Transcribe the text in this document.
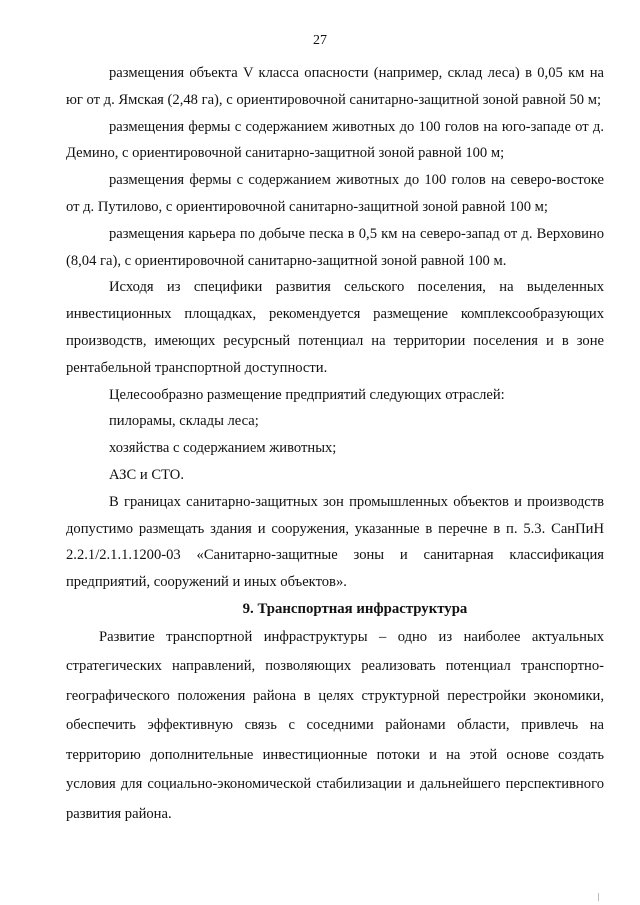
27

размещения объекта V класса опасности (например, склад леса) в 0,05 км на юг от д. Ямская (2,48 га), с ориентировочной санитарно-защитной зоной равной 50 м;

размещения фермы с содержанием животных до 100 голов на юго-западе от д. Демино, с ориентировочной санитарно-защитной зоной равной 100 м;

размещения фермы с содержанием животных до 100 голов на северо-востоке от д. Путилово, с ориентировочной санитарно-защитной зоной равной 100 м;

размещения карьера по добыче песка в 0,5 км на северо-запад от д. Верховино (8,04 га), с ориентировочной санитарно-защитной зоной равной 100 м.

Исходя из специфики развития сельского поселения, на выделенных инвестиционных площадках, рекомендуется размещение комплексообразующих производств, имеющих ресурсный потенциал на территории поселения и в зоне рентабельной транспортной доступности.

Целесообразно размещение предприятий следующих отраслей:

пилорамы, склады леса;

хозяйства с содержанием животных;

АЗС и СТО.

В границах санитарно-защитных зон промышленных объектов и производств допустимо размещать здания и сооружения, указанные в перечне в п. 5.3. СанПиН 2.2.1/2.1.1.1200-03 «Санитарно-защитные зоны и санитарная классификация предприятий, сооружений и иных объектов».

9. Транспортная инфраструктура

Развитие транспортной инфраструктуры – одно из наиболее актуальных стратегических направлений, позволяющих реализовать потенциал транспортно-географического положения района в целях структурной перестройки экономики, обеспечить эффективную связь с соседними районами области, привлечь на территорию дополнительные инвестиционные потоки и на этой основе создать условия для социально-экономической стабилизации и дальнейшего перспективного развития района.
